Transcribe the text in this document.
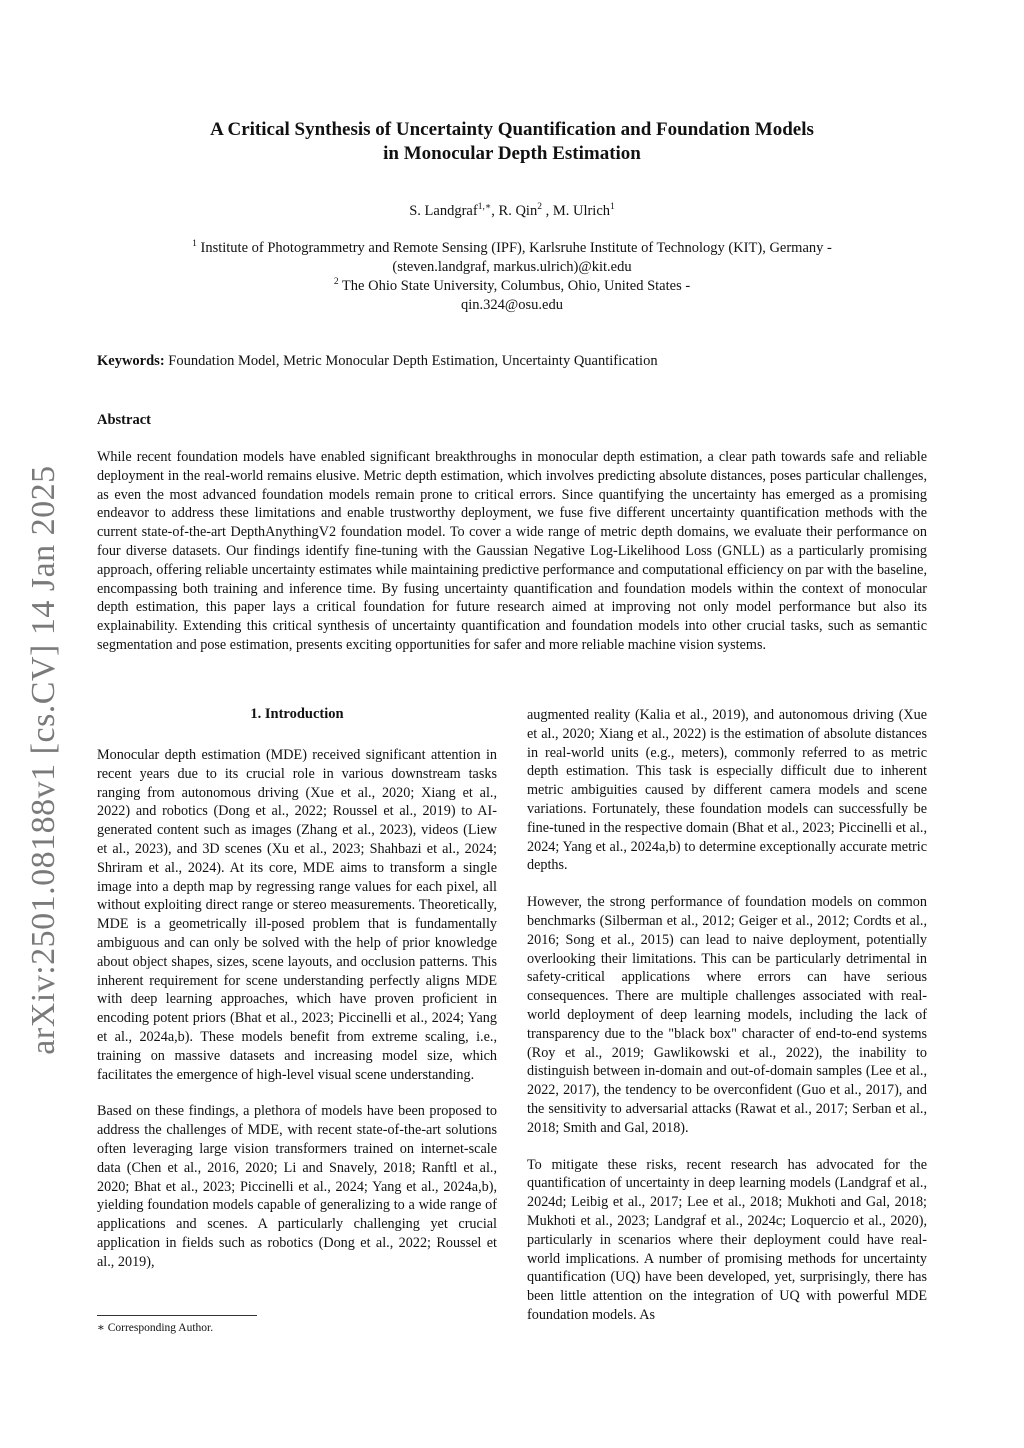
arXiv:2501.08188v1 [cs.CV] 14 Jan 2025
A Critical Synthesis of Uncertainty Quantification and Foundation Models
in Monocular Depth Estimation
S. Landgraf$^{1,∗}$, R. Qin$^2$ , M. Ulrich$^1$
$^1$ Institute of Photogrammetry and Remote Sensing (IPF), Karlsruhe Institute of Technology (KIT), Germany -
(steven.landgraf, markus.ulrich)@kit.edu
$^2$ The Ohio State University, Columbus, Ohio, United States -
qin.324@osu.edu
Keywords: Foundation Model, Metric Monocular Depth Estimation, Uncertainty Quantification
Abstract
While recent foundation models have enabled significant breakthroughs in monocular depth estimation, a clear path towards safe and reliable deployment in the real-world remains elusive. Metric depth estimation, which involves predicting absolute distances, poses particular challenges, as even the most advanced foundation models remain prone to critical errors. Since quantifying the uncertainty has emerged as a promising endeavor to address these limitations and enable trustworthy deployment, we fuse five different uncertainty quantification methods with the current state-of-the-art DepthAnythingV2 foundation model. To cover a wide range of metric depth domains, we evaluate their performance on four diverse datasets. Our findings identify fine-tuning with the Gaussian Negative Log-Likelihood Loss (GNLL) as a particularly promising approach, offering reliable uncertainty estimates while maintaining predictive performance and computational efficiency on par with the baseline, encompassing both training and inference time. By fusing uncertainty quantification and foundation models within the context of monocular depth estimation, this paper lays a critical foundation for future research aimed at improving not only model performance but also its explainability. Extending this critical synthesis of uncertainty quantification and foundation models into other crucial tasks, such as semantic segmentation and pose estimation, presents exciting opportunities for safer and more reliable machine vision systems.
1. Introduction

Monocular depth estimation (MDE) received significant attention in recent years due to its crucial role in various downstream tasks ranging from autonomous driving (Xue et al., 2020; Xiang et al., 2022) and robotics (Dong et al., 2022; Roussel et al., 2019) to AI-generated content such as images (Zhang et al., 2023), videos (Liew et al., 2023), and 3D scenes (Xu et al., 2023; Shahbazi et al., 2024; Shriram et al., 2024). At its core, MDE aims to transform a single image into a depth map by regressing range values for each pixel, all without exploiting direct range or stereo measurements. Theoretically, MDE is a geometrically ill-posed problem that is fundamentally ambiguous and can only be solved with the help of prior knowledge about object shapes, sizes, scene layouts, and occlusion patterns. This inherent requirement for scene understanding perfectly aligns MDE with deep learning approaches, which have proven proficient in encoding potent priors (Bhat et al., 2023; Piccinelli et al., 2024; Yang et al., 2024a,b). These models benefit from extreme scaling, i.e., training on massive datasets and increasing model size, which facilitates the emergence of high-level visual scene understanding.

Based on these findings, a plethora of models have been proposed to address the challenges of MDE, with recent state-of-the-art solutions often leveraging large vision transformers trained on internet-scale data (Chen et al., 2016, 2020; Li and Snavely, 2018; Ranftl et al., 2020; Bhat et al., 2023; Piccinelli et al., 2024; Yang et al., 2024a,b), yielding foundation models capable of generalizing to a wide range of applications and scenes. A particularly challenging yet crucial application in fields such as robotics (Dong et al., 2022; Roussel et al., 2019),

∗ Corresponding Author.

augmented reality (Kalia et al., 2019), and autonomous driving (Xue et al., 2020; Xiang et al., 2022) is the estimation of absolute distances in real-world units (e.g., meters), commonly referred to as metric depth estimation. This task is especially difficult due to inherent metric ambiguities caused by different camera models and scene variations. Fortunately, these foundation models can successfully be fine-tuned in the respective domain (Bhat et al., 2023; Piccinelli et al., 2024; Yang et al., 2024a,b) to determine exceptionally accurate metric depths.

However, the strong performance of foundation models on common benchmarks (Silberman et al., 2012; Geiger et al., 2012; Cordts et al., 2016; Song et al., 2015) can lead to naive deployment, potentially overlooking their limitations. This can be particularly detrimental in safety-critical applications where errors can have serious consequences. There are multiple challenges associated with real-world deployment of deep learning models, including the lack of transparency due to the "black box" character of end-to-end systems (Roy et al., 2019; Gawlikowski et al., 2022), the inability to distinguish between in-domain and out-of-domain samples (Lee et al., 2022, 2017), the tendency to be overconfident (Guo et al., 2017), and the sensitivity to adversarial attacks (Rawat et al., 2017; Serban et al., 2018; Smith and Gal, 2018).

To mitigate these risks, recent research has advocated for the quantification of uncertainty in deep learning models (Landgraf et al., 2024d; Leibig et al., 2017; Lee et al., 2018; Mukhoti and Gal, 2018; Mukhoti et al., 2023; Landgraf et al., 2024c; Loquercio et al., 2020), particularly in scenarios where their deployment could have real-world implications. A number of promising methods for uncertainty quantification (UQ) have been developed, yet, surprisingly, there has been little attention on the integration of UQ with powerful MDE foundation models. As
